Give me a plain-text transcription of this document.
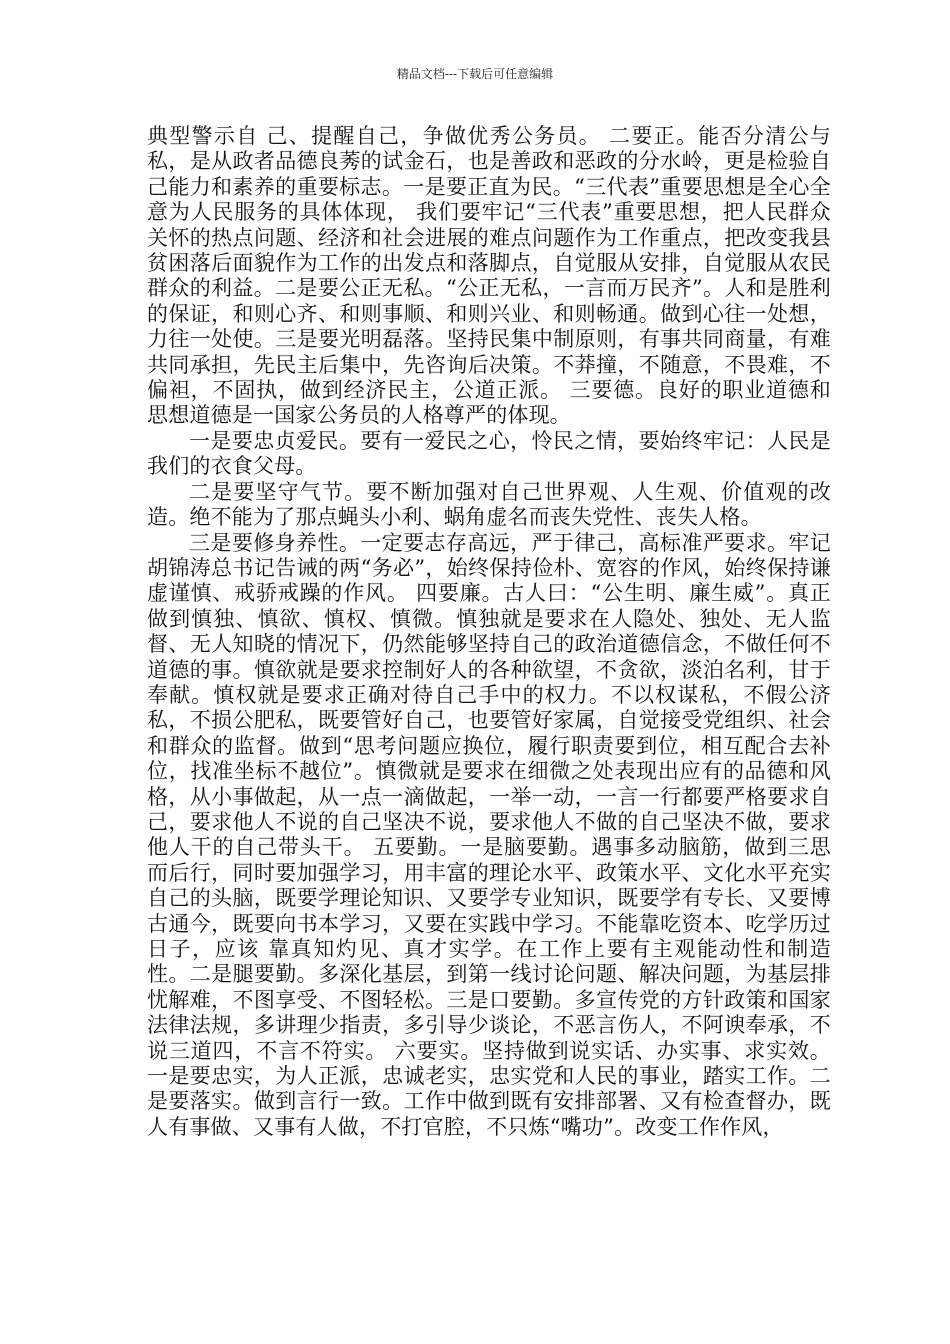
精品文档---下载后可任意编辑

典型警示自 己、提醒自己，争做优秀公务员。 二要正。能否分清公与私，是从政者品德良莠的试金石，也是善政和恶政的分水岭，更是检验自己能力和素养的重要标志。一是要正直为民。“三代表”重要思想是全心全意为人民服务的具体体现， 我们要牢记“三代表”重要思想，把人民群众关怀的热点问题、经济和社会进展的难点问题作为工作重点，把改变我县贫困落后面貌作为工作的出发点和落脚点，自觉服从安排，自觉服从农民群众的利益。二是要公正无私。“公正无私，一言而万民齐”。人和是胜利的保证，和则心齐、和则事顺、和则兴业、和则畅通。做到心往一处想，力往一处使。三是要光明磊落。坚持民集中制原则，有事共同商量，有难共同承担，先民主后集中，先咨询后决策。不莽撞，不随意，不畏难，不偏袒，不固执，做到经济民主，公道正派。 三要德。良好的职业道德和思想道德是一国家公务员的人格尊严的体现。

一是要忠贞爱民。要有一爱民之心，怜民之情，要始终牢记：人民是我们的衣食父母。

二是要坚守气节。要不断加强对自己世界观、人生观、价值观的改 造。绝不能为了那点蝇头小利、蜗角虚名而丧失党性、丧失人格。

三是要修身养性。一定要志存高远，严于律己，高标准严要求。牢记胡锦涛总书记告诫的两“务必”，始终保持俭朴、宽容的作风，始终保持谦虚谨慎、戒骄戒躁的作风。 四要廉。古人曰：“公生明、廉生威”。真正做到慎独、慎欲、慎权、慎微。慎独就是要求在人隐处、独处、无人监督、无人知晓的情况下，仍然能够坚持自己的政治道德信念，不做任何不道德的事。慎欲就是要求控制好人的各种欲望，不贪欲，淡泊名利，甘于奉献。慎权就是要求正确对待自己手中的权力。不以权谋私，不假公济私，不损公肥私，既要管好自己，也要管好家属，自觉接受党组织、社会和群众的监督。做到“思考问题应换位，履行职责要到位，相互配合去补位，找准坐标不越位”。慎微就是要求在细微之处表现出应有的品德和风格，从小事做起，从一点一滴做起，一举一动，一言一行都要严格要求自己，要求他人不说的自己坚决不说，要求他人不做的自己坚决不做，要求他人干的自己带头干。 五要勤。一是脑要勤。遇事多动脑筋，做到三思而后行，同时要加强学习，用丰富的理论水平、政策水平、文化水平充实自己的头脑，既要学理论知识、又要学专业知识，既要学有专长、又要博古通今，既要向书本学习，又要在实践中学习。不能靠吃资本、吃学历过日子，应该 靠真知灼见、真才实学。在工作上要有主观能动性和制造性。二是腿要勤。多深化基层，到第一线讨论问题、解决问题，为基层排忧解难，不图享受、不图轻松。三是口要勤。多宣传党的方针政策和国家法律法规，多讲理少指责，多引导少谈论，不恶言伤人，不阿谀奉承，不说三道四，不言不符实。 六要实。坚持做到说实话、办实事、求实效。一是要忠实，为人正派，忠诚老实，忠实党和人民的事业，踏实工作。二是要落实。做到言行一致。工作中做到既有安排部署、又有检查督办，既人有事做、又事有人做，不打官腔，不只炼“嘴功”。改变工作作风，
